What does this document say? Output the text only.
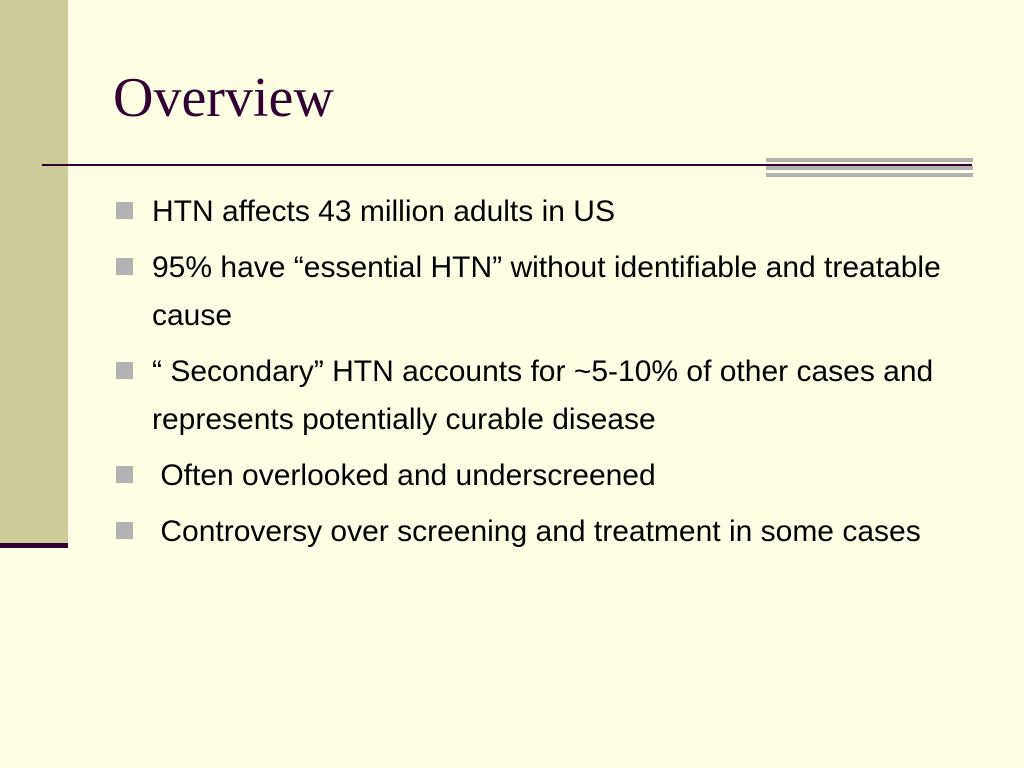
Overview
HTN affects 43 million adults in US
95% have “essential HTN” without identifiable and treatable cause
“ Secondary” HTN accounts for ~5-10% of other cases and represents potentially curable disease
Often overlooked and underscreened
Controversy over screening and treatment in some cases
